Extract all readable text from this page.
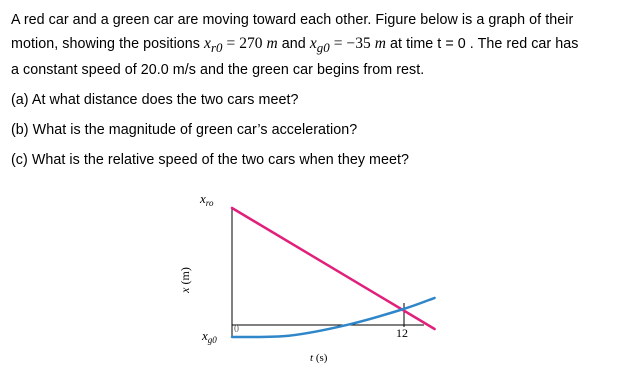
A red car and a green car are moving toward each other. Figure below is a graph of their
motion, showing the positions $x_{r0} = 270$ m and $x_{g0} = -35$ m at time t = 0 . The red car has
a constant speed of 20.0 m/s and the green car begins from rest.

(a) At what distance does the two cars meet?

(b) What is the magnitude of green car’s acceleration?

(c) What is the relative speed of the two cars when they meet?

$x_{ro}$
$x_{g0}$
0	12
t (s)
x (m)
